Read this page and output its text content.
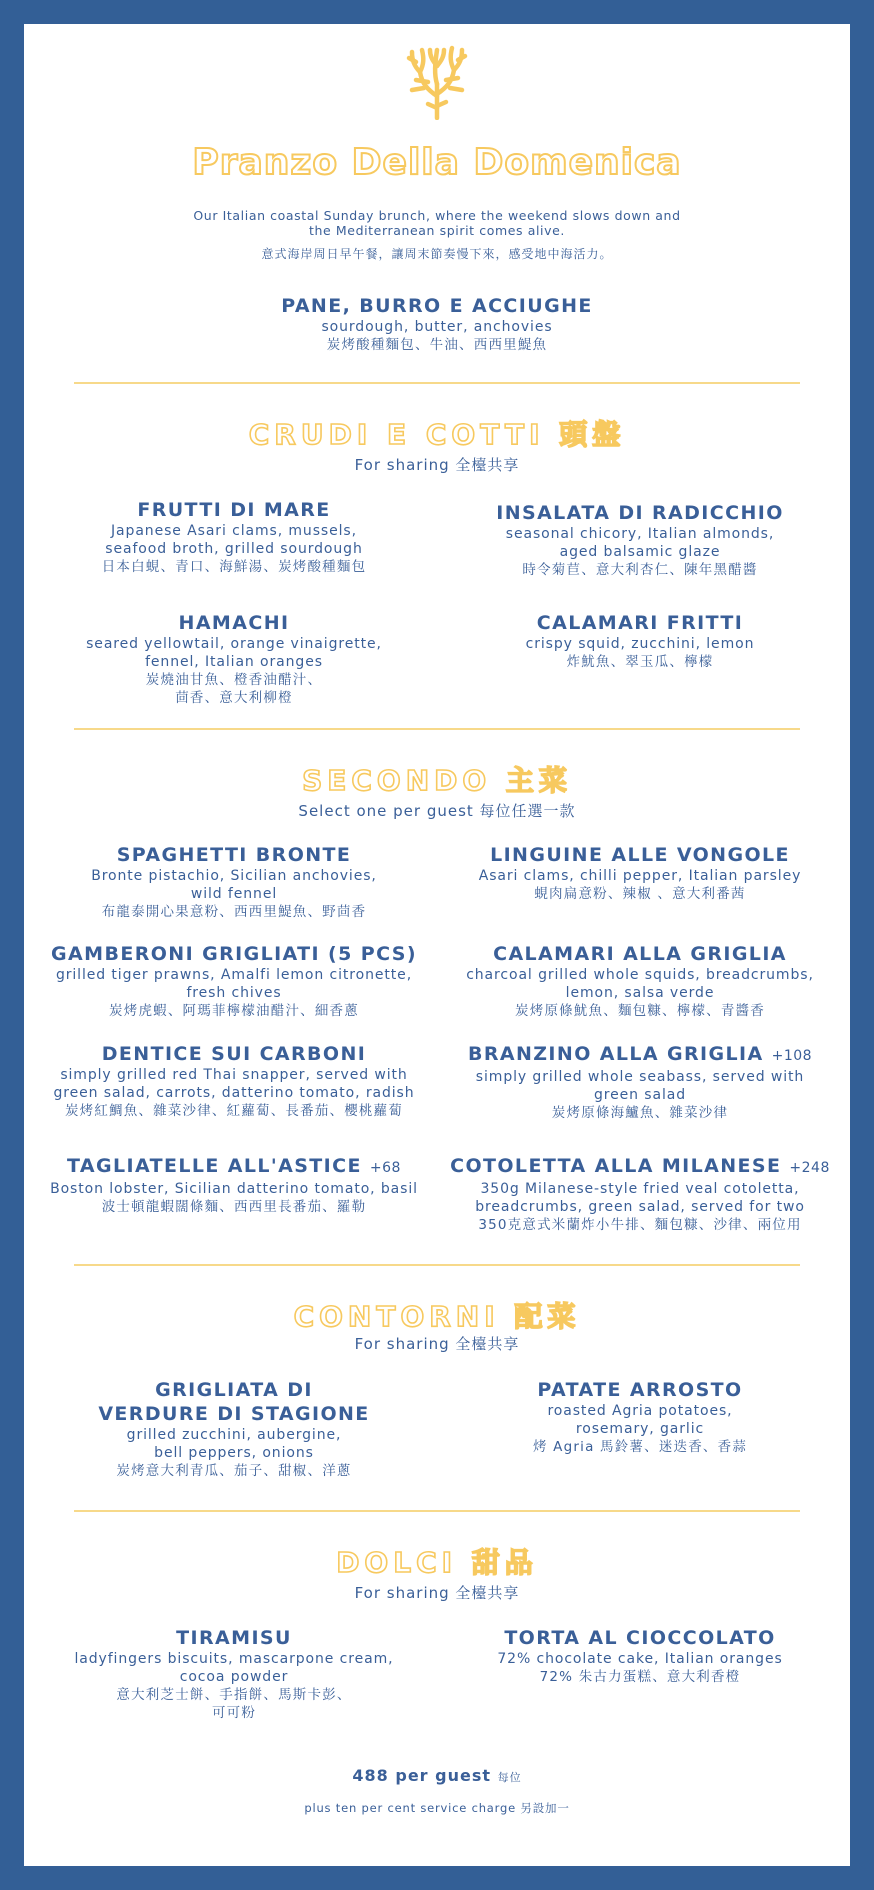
Pranzo Della Domenica
Our Italian coastal Sunday brunch, where the weekend slows down and
the Mediterranean spirit comes alive.
意式海岸周日早午餐，讓周末節奏慢下來，感受地中海活力。
PANE, BURRO E ACCIUGHE
sourdough, butter, anchovies
炭烤酸種麵包、牛油、西西里鯷魚
CRUDI E COTTI 頭盤
For sharing 全檯共享
FRUTTI DI MARE
Japanese Asari clams, mussels,
seafood broth, grilled sourdough
日本白蜆、青口、海鮮湯、炭烤酸種麵包
INSALATA DI RADICCHIO
seasonal chicory, Italian almonds,
aged balsamic glaze
時令菊苣、意大利杏仁、陳年黑醋醬
HAMACHI
seared yellowtail, orange vinaigrette,
fennel, Italian oranges
炭燒油甘魚、橙香油醋汁、
茴香、意大利柳橙
CALAMARI FRITTI
crispy squid, zucchini, lemon
炸魷魚、翠玉瓜、檸檬
SECONDO 主菜
Select one per guest 每位任選一款
SPAGHETTI BRONTE
Bronte pistachio, Sicilian anchovies,
wild fennel
布龍泰開心果意粉、西西里鯷魚、野茴香
LINGUINE ALLE VONGOLE
Asari clams, chilli pepper, Italian parsley
蜆肉扁意粉、辣椒 、意大利番茜
GAMBERONI GRIGLIATI (5 PCS)
grilled tiger prawns, Amalfi lemon citronette,
fresh chives
炭烤虎蝦、阿瑪菲檸檬油醋汁、細香蔥
CALAMARI ALLA GRIGLIA
charcoal grilled whole squids, breadcrumbs,
lemon, salsa verde
炭烤原條魷魚、麵包糠、檸檬、青醬香
DENTICE SUI CARBONI
simply grilled red Thai snapper, served with
green salad, carrots, datterino tomato, radish
炭烤紅鯛魚、雜菜沙律、紅蘿蔔、長番茄、櫻桃蘿蔔
BRANZINO ALLA GRIGLIA +108
simply grilled whole seabass, served with
green salad
炭烤原條海鱸魚、雜菜沙律
TAGLIATELLE ALL'ASTICE +68
Boston lobster, Sicilian datterino tomato, basil
波士頓龍蝦闊條麵、西西里長番茄、羅勒
COTOLETTA ALLA MILANESE +248
350g Milanese-style fried veal cotoletta,
breadcrumbs, green salad, served for two
350克意式米蘭炸小牛排、麵包糠、沙律、兩位用
CONTORNI 配菜
For sharing 全檯共享
GRIGLIATA DI
VERDURE DI STAGIONE
grilled zucchini, aubergine,
bell peppers, onions
炭烤意大利青瓜、茄子、甜椒、洋蔥
PATATE ARROSTO
roasted Agria potatoes,
rosemary, garlic
烤 Agria 馬鈴薯、迷迭香、香蒜
DOLCI 甜品
For sharing 全檯共享
TIRAMISU
ladyfingers biscuits, mascarpone cream,
cocoa powder
意大利芝士餅、手指餅、馬斯卡彭、
可可粉
TORTA AL CIOCCOLATO
72% chocolate cake, Italian oranges
72% 朱古力蛋糕、意大利香橙
488 per guest 每位
plus ten per cent service charge 另設加一
